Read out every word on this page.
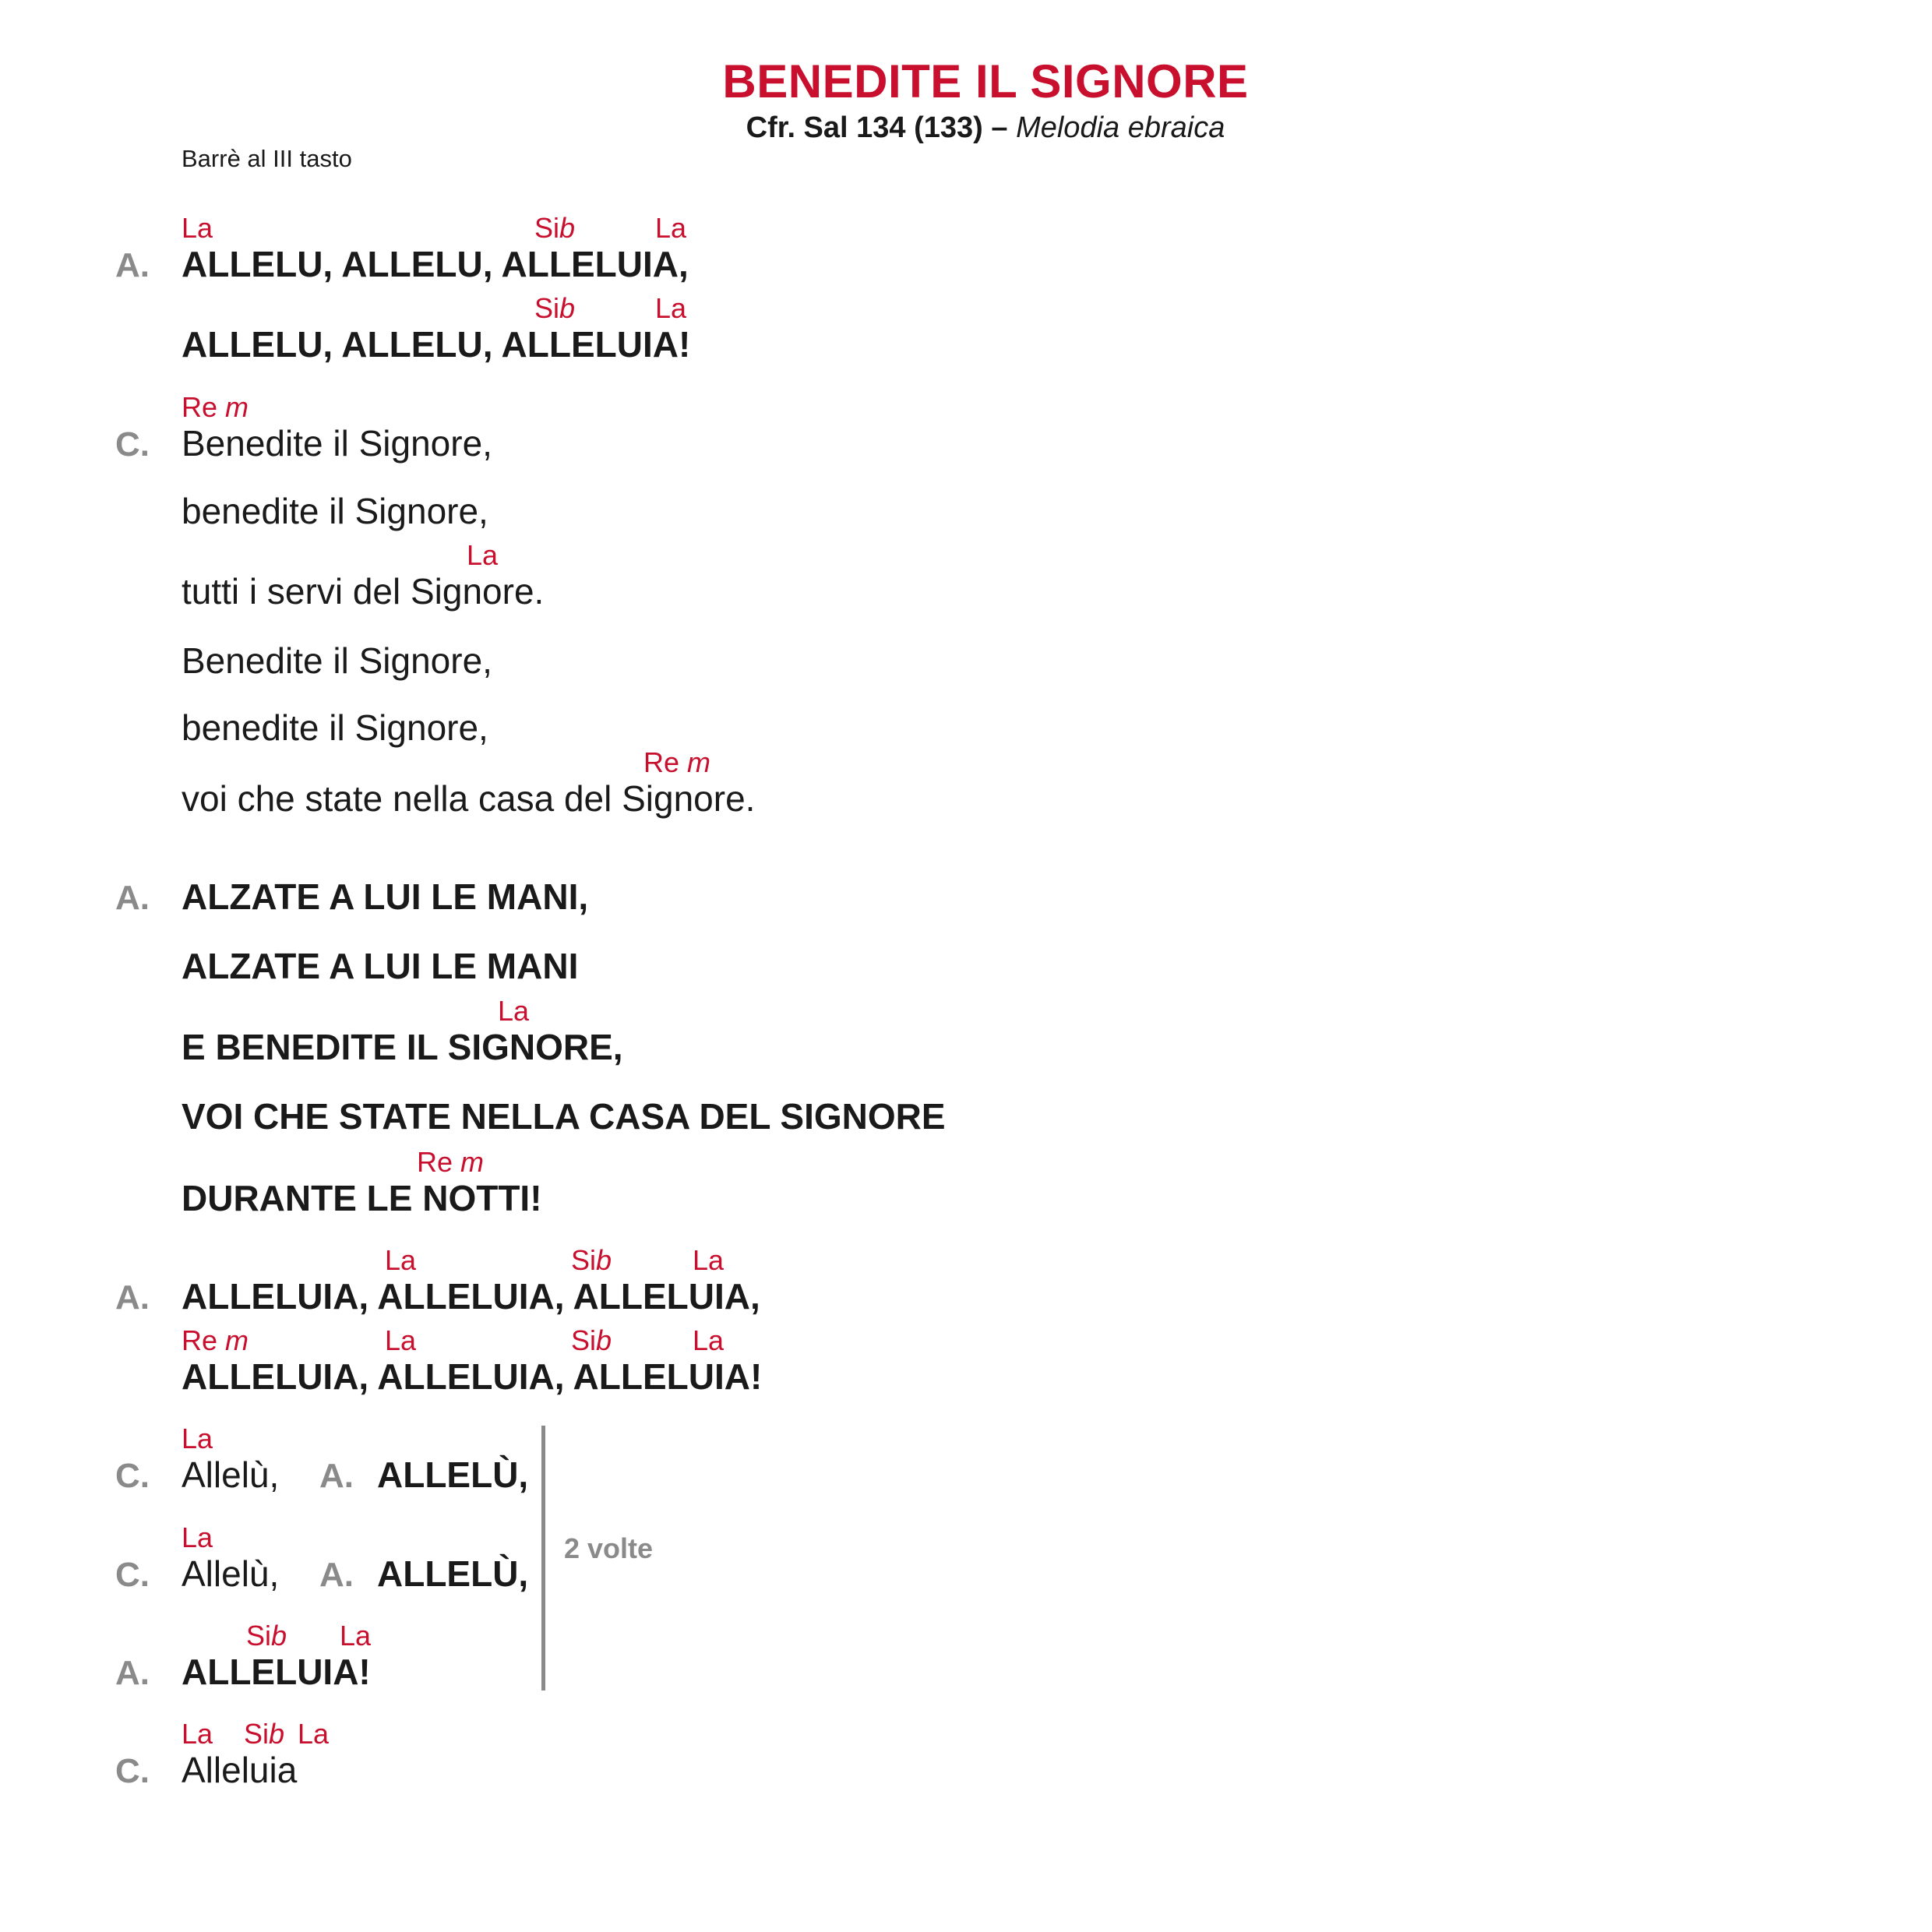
BENEDITE IL SIGNORE
Cfr. Sal 134 (133) – Melodia ebraica
Barrè al III tasto
La	Sib	La
A. ALLELU, ALLELU, ALLELUIA,
Sib	La
ALLELU, ALLELU, ALLELUIA!
Re m
C. Benedite il Signore,
benedite il Signore,
La
tutti i servi del Signore.
Benedite il Signore,
benedite il Signore,
Re m
voi che state nella casa del Signore.
A. ALZATE A LUI LE MANI,
ALZATE A LUI LE MANI
La
E BENEDITE IL SIGNORE,
VOI CHE STATE NELLA CASA DEL SIGNORE
Re m
DURANTE LE NOTTI!
La	Sib	La
A. ALLELUIA, ALLELUIA, ALLELUIA,
Re m	La	Sib	La
ALLELUIA, ALLELUIA, ALLELUIA!
La
C. Allelù, A. ALLELÙ,
La
C. Allelù, A. ALLELÙ,
Sib La
A. ALLELUIA!
2 volte
La Sib La
C. Alleluia
